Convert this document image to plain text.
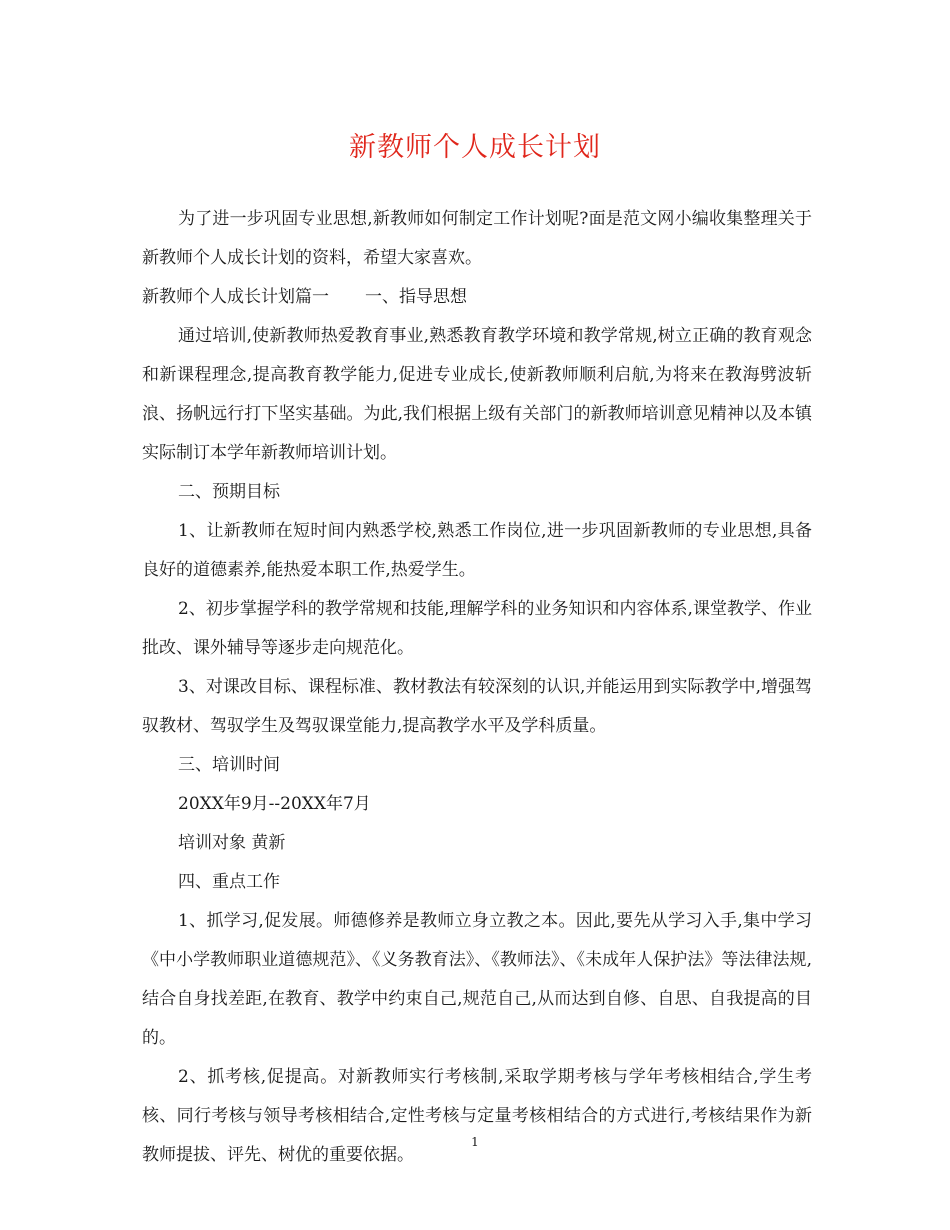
新教师个人成长计划

为了进一步巩固专业思想,新教师如何制定工作计划呢?面是范文网小编收集整理关于新教师个人成长计划的资料，希望大家喜欢。

新教师个人成长计划篇一 一、指导思想

通过培训,使新教师热爱教育事业,熟悉教育教学环境和教学常规,树立正确的教育观念和新课程理念,提高教育教学能力,促进专业成长,使新教师顺利启航,为将来在教海劈波斩浪、扬帆远行打下坚实基础。为此,我们根据上级有关部门的新教师培训意见精神以及本镇实际制订本学年新教师培训计划。

二、预期目标

1、让新教师在短时间内熟悉学校,熟悉工作岗位,进一步巩固新教师的专业思想,具备良好的道德素养,能热爱本职工作,热爱学生。

2、初步掌握学科的教学常规和技能,理解学科的业务知识和内容体系,课堂教学、作业批改、课外辅导等逐步走向规范化。

3、对课改目标、课程标准、教材教法有较深刻的认识,并能运用到实际教学中,增强驾驭教材、驾驭学生及驾驭课堂能力,提高教学水平及学科质量。

三、培训时间

20XX年9月--20XX年7月

培训对象 黄新

四、重点工作

1、抓学习,促发展。师德修养是教师立身立教之本。因此,要先从学习入手,集中学习《中小学教师职业道德规范》、《义务教育法》、《教师法》、《未成年人保护法》等法律法规,结合自身找差距,在教育、教学中约束自己,规范自己,从而达到自修、自思、自我提高的目的。

2、抓考核,促提高。对新教师实行考核制,采取学期考核与学年考核相结合,学生考核、同行考核与领导考核相结合,定性考核与定量考核相结合的方式进行,考核结果作为新教师提拔、评先、树优的重要依据。

1
